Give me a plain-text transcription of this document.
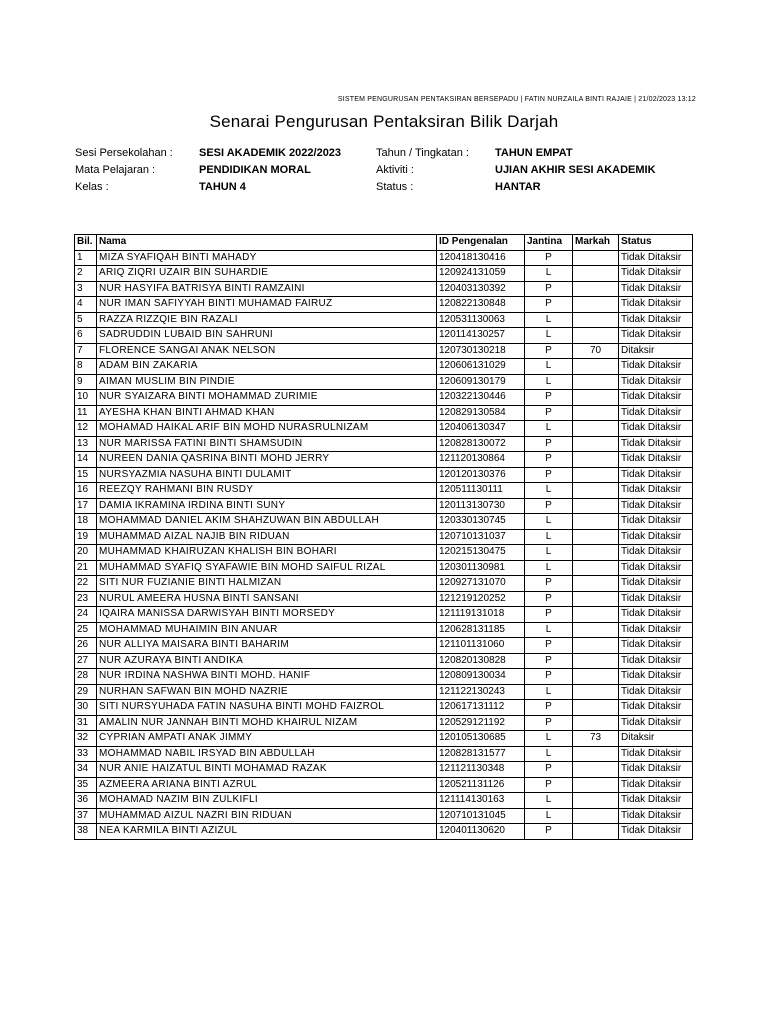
SISTEM PENGURUSAN PENTAKSIRAN BERSEPADU | FATIN NURZAILA BINTI RAJAIE | 21/02/2023 13:12
Senarai Pengurusan Pentaksiran Bilik Darjah
Sesi Persekolahan : SESI AKADEMIK 2022/2023	Tahun / Tingkatan : TAHUN EMPAT
Mata Pelajaran :	PENDIDIKAN MORAL	Aktiviti :	UJIAN AKHIR SESI AKADEMIK
Kelas :	TAHUN 4	Status :	HANTAR
Bil.	Nama	ID Pengenalan	Jantina	Markah	Status
1	MIZA SYAFIQAH BINTI MAHADY	120418130416	P		Tidak Ditaksir
2	ARIQ ZIQRI UZAIR BIN SUHARDIE	120924131059	L		Tidak Ditaksir
3	NUR HASYIFA BATRISYA BINTI RAMZAINI	120403130392	P		Tidak Ditaksir
4	NUR IMAN SAFIYYAH BINTI MUHAMAD FAIRUZ	120822130848	P		Tidak Ditaksir
5	RAZZA RIZZQIE BIN RAZALI	120531130063	L		Tidak Ditaksir
6	SADRUDDIN LUBAID BIN SAHRUNI	120114130257	L		Tidak Ditaksir
7	FLORENCE SANGAI ANAK NELSON	120730130218	P	70	Ditaksir
8	ADAM BIN ZAKARIA	120606131029	L		Tidak Ditaksir
9	AIMAN MUSLIM BIN PINDIE	120609130179	L		Tidak Ditaksir
10	NUR SYAIZARA BINTI MOHAMMAD ZURIMIE	120322130446	P		Tidak Ditaksir
11	AYESHA KHAN BINTI AHMAD KHAN	120829130584	P		Tidak Ditaksir
12	MOHAMAD HAIKAL ARIF BIN MOHD NURASRULNIZAM	120406130347	L		Tidak Ditaksir
13	NUR MARISSA FATINI BINTI SHAMSUDIN	120828130072	P		Tidak Ditaksir
14	NUREEN DANIA QASRINA BINTI MOHD JERRY	121120130864	P		Tidak Ditaksir
15	NURSYAZMIA NASUHA BINTI DULAMIT	120120130376	P		Tidak Ditaksir
16	REEZQY RAHMANI BIN RUSDY	120511130111	L		Tidak Ditaksir
17	DAMIA IKRAMINA IRDINA BINTI SUNY	120113130730	P		Tidak Ditaksir
18	MOHAMMAD DANIEL AKIM SHAHZUWAN BIN ABDULLAH	120330130745	L		Tidak Ditaksir
19	MUHAMMAD AIZAL NAJIB BIN RIDUAN	120710131037	L		Tidak Ditaksir
20	MUHAMMAD KHAIRUZAN KHALISH BIN BOHARI	120215130475	L		Tidak Ditaksir
21	MUHAMMAD SYAFIQ SYAFAWIE BIN MOHD SAIFUL RIZAL	120301130981	L		Tidak Ditaksir
22	SITI NUR FUZIANIE BINTI HALMIZAN	120927131070	P		Tidak Ditaksir
23	NURUL AMEERA HUSNA BINTI SANSANI	121219120252	P		Tidak Ditaksir
24	IQAIRA MANISSA DARWISYAH BINTI MORSEDY	121119131018	P		Tidak Ditaksir
25	MOHAMMAD MUHAIMIN BIN ANUAR	120628131185	L		Tidak Ditaksir
26	NUR ALLIYA MAISARA BINTI BAHARIM	121101131060	P		Tidak Ditaksir
27	NUR AZURAYA BINTI ANDIKA	120820130828	P		Tidak Ditaksir
28	NUR IRDINA NASHWA BINTI MOHD. HANIF	120809130034	P		Tidak Ditaksir
29	NURHAN SAFWAN BIN MOHD NAZRIE	121122130243	L		Tidak Ditaksir
30	SITI NURSYUHADA FATIN NASUHA BINTI MOHD FAIZROL	120617131112	P		Tidak Ditaksir
31	AMALIN NUR JANNAH BINTI MOHD KHAIRUL NIZAM	120529121192	P		Tidak Ditaksir
32	CYPRIAN AMPATI ANAK JIMMY	120105130685	L	73	Ditaksir
33	MOHAMMAD NABIL IRSYAD BIN ABDULLAH	120828131577	L		Tidak Ditaksir
34	NUR ANIE HAIZATUL BINTI MOHAMAD RAZAK	121121130348	P		Tidak Ditaksir
35	AZMEERA ARIANA BINTI AZRUL	120521131126	P		Tidak Ditaksir
36	MOHAMAD NAZIM BIN ZULKIFLI	121114130163	L		Tidak Ditaksir
37	MUHAMMAD AIZUL NAZRI BIN RIDUAN	120710131045	L		Tidak Ditaksir
38	NEA KARMILA BINTI AZIZUL	120401130620	P		Tidak Ditaksir
